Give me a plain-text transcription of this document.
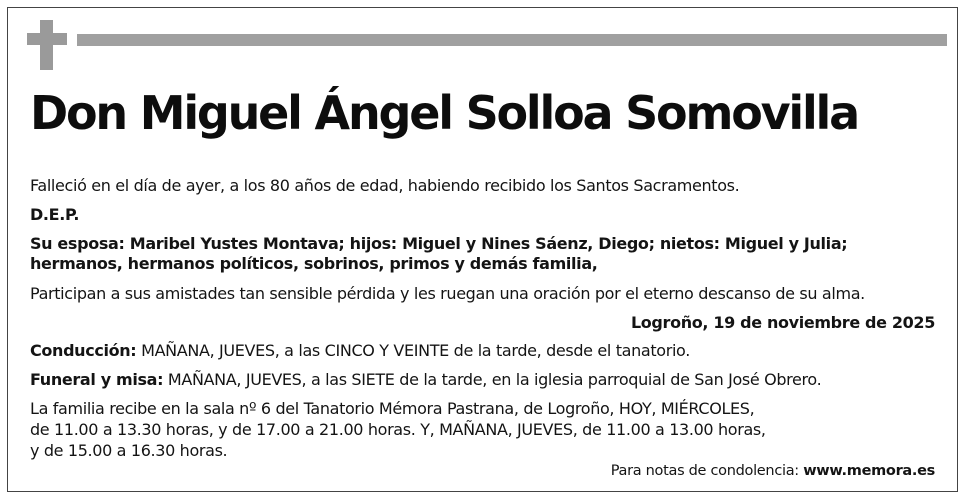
Don Miguel Ángel Solloa Somovilla

Falleció en el día de ayer, a los 80 años de edad, habiendo recibido los Santos Sacramentos.

D.E.P.

Su esposa: Maribel Yustes Montava; hijos: Miguel y Nines Sáenz, Diego; nietos: Miguel y Julia;

hermanos, hermanos políticos, sobrinos, primos y demás familia,

Participan a sus amistades tan sensible pérdida y les ruegan una oración por el eterno descanso de su alma.

Logroño, 19 de noviembre de 2025

Conducción: MAÑANA, JUEVES, a las CINCO Y VEINTE de la tarde, desde el tanatorio.

Funeral y misa: MAÑANA, JUEVES, a las SIETE de la tarde, en la iglesia parroquial de San José Obrero.

La familia recibe en la sala nº 6 del Tanatorio Mémora Pastrana, de Logroño, HOY, MIÉRCOLES,

de 11.00 a 13.30 horas, y de 17.00 a 21.00 horas. Y, MAÑANA, JUEVES, de 11.00 a 13.00 horas,

y de 15.00 a 16.30 horas.

Para notas de condolencia: www.memora.es
